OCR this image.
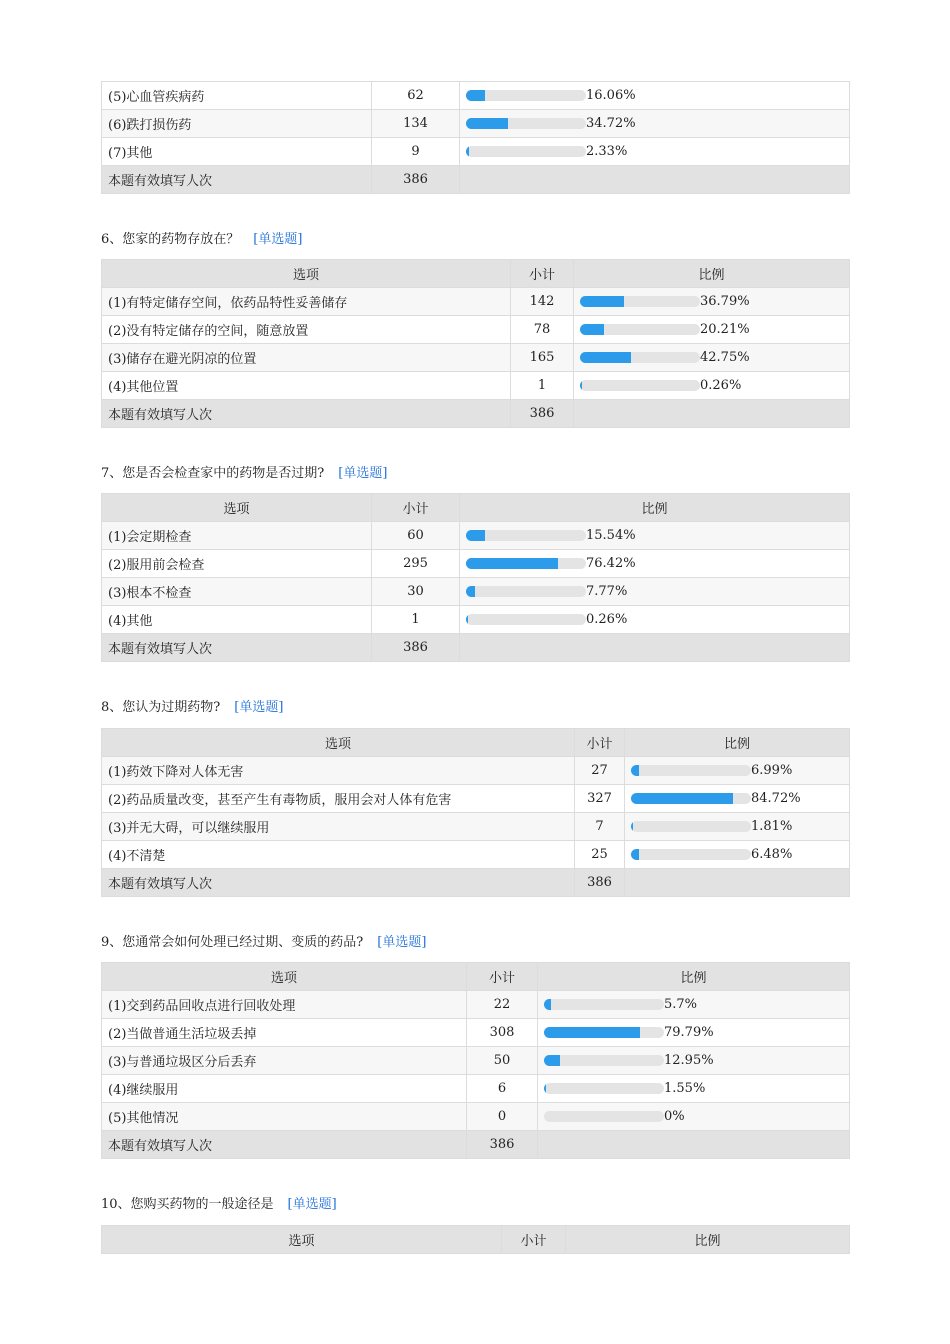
(5)心血管疾病药	62	16.06%

(6)跌打损伤药	134	34.72%

(7)其他	9	2.33%

本题有效填写人次	386	
6、您家的药物存放在？ [单选题]
选项	小计	比例
(1)有特定储存空间，依药品特性妥善储存	142	36.79%

(2)没有特定储存的空间，随意放置	78	20.21%

(3)储存在避光阴凉的位置	165	42.75%

(4)其他位置	1	0.26%

本题有效填写人次	386	
7、您是否会检查家中的药物是否过期? [单选题]
选项	小计	比例
(1)会定期检查	60	15.54%

(2)服用前会检查	295	76.42%

(3)根本不检查	30	7.77%

(4)其他	1	0.26%

本题有效填写人次	386	
8、您认为过期药物? [单选题]
选项	小计	比例
(1)药效下降对人体无害	27	6.99%

(2)药品质量改变，甚至产生有毒物质，服用会对人体有危害	327	84.72%

(3)并无大碍，可以继续服用	7	1.81%

(4)不清楚	25	6.48%

本题有效填写人次	386	
9、您通常会如何处理已经过期、变质的药品? [单选题]
选项	小计	比例
(1)交到药品回收点进行回收处理	22	5.7%

(2)当做普通生活垃圾丢掉	308	79.79%

(3)与普通垃圾区分后丢弃	50	12.95%

(4)继续服用	6	1.55%

(5)其他情况	0	0%

本题有效填写人次	386	
10、您购买药物的一般途径是 [单选题]
选项	小计	比例
